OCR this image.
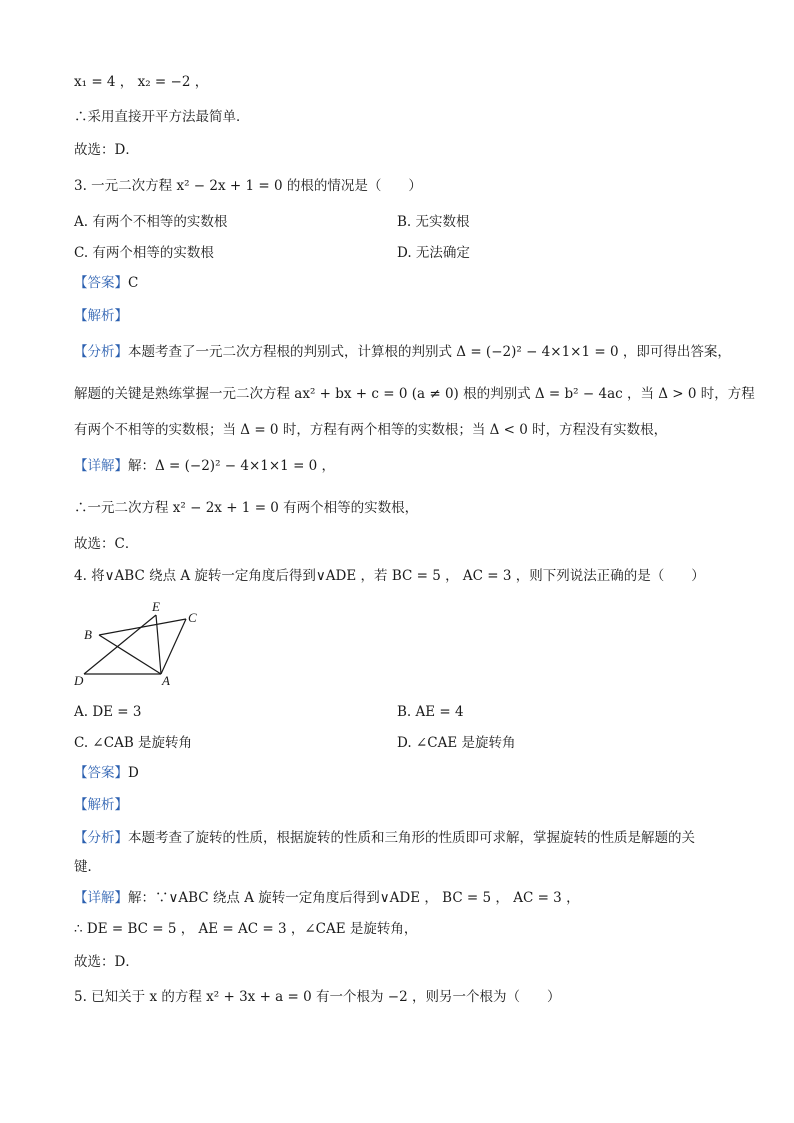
x₁ = 4 ， x₂ = −2 ，
∴采用直接开平方法最简单．
故选：D．
3. 一元二次方程 x² − 2x + 1 = 0 的根的情况是（　　）
A. 有两个不相等的实数根	B. 无实数根
C. 有两个相等的实数根	D. 无法确定
【答案】C
【解析】
【分析】本题考查了一元二次方程根的判别式，计算根的判别式 Δ = (−2)² − 4×1×1 = 0 ，即可得出答案，
解题的关键是熟练掌握一元二次方程 ax² + bx + c = 0 (a ≠ 0) 根的判别式 Δ = b² − 4ac ，当 Δ > 0 时，方程
有两个不相等的实数根；当 Δ = 0 时，方程有两个相等的实数根；当 Δ < 0 时，方程没有实数根，
【详解】解：Δ = (−2)² − 4×1×1 = 0 ，
∴一元二次方程 x² − 2x + 1 = 0 有两个相等的实数根，
故选：C．
4. 将∨ABC 绕点 A 旋转一定角度后得到∨ADE ，若 BC = 5 ， AC = 3 ，则下列说法正确的是（　　）
E
C
B
D	A
A. DE = 3	B. AE = 4
C. ∠CAB 是旋转角	D. ∠CAE 是旋转角
【答案】D
【解析】
【分析】本题考查了旋转的性质，根据旋转的性质和三角形的性质即可求解，掌握旋转的性质是解题的关
键．
【详解】解：∵∨ABC 绕点 A 旋转一定角度后得到∨ADE ， BC = 5 ， AC = 3 ，
∴ DE = BC = 5 ， AE = AC = 3 ，∠CAE 是旋转角，
故选：D．
5. 已知关于 x 的方程 x² + 3x + a = 0 有一个根为 −2 ，则另一个根为（　　）
